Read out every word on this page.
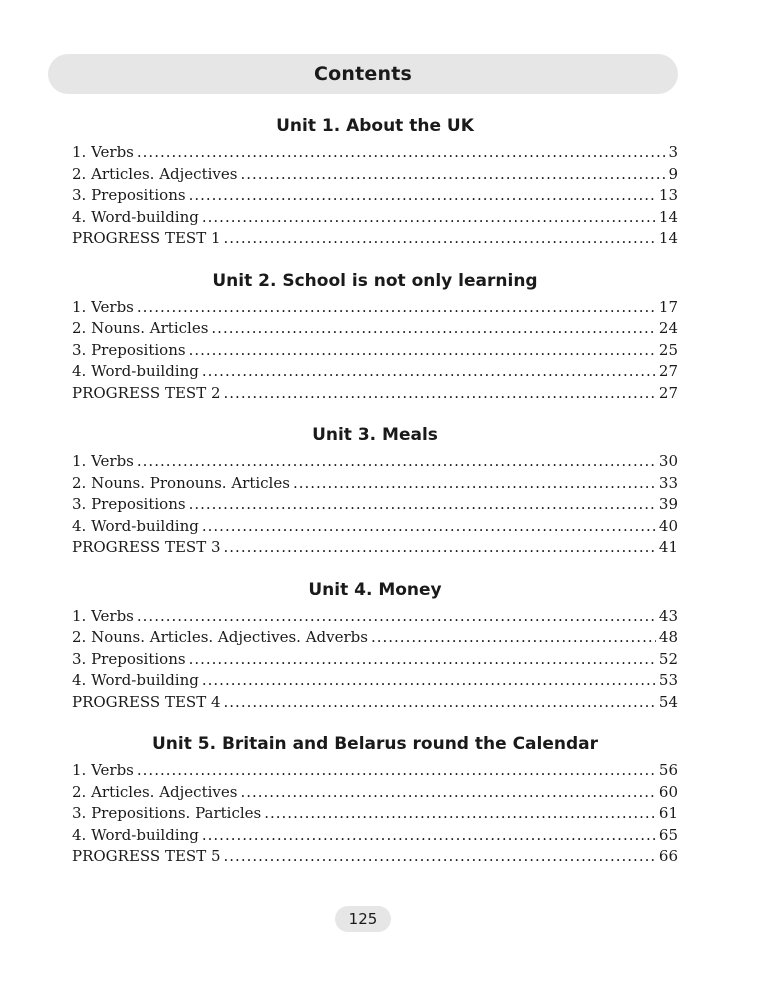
Contents
Unit 1. About the UK
1. Verbs .....	3
2. Articles. Adjectives .....	9
3. Prepositions .....	13
4. Word-building .....	14
PROGRESS TEST 1 .....	14
Unit 2. School is not only learning
1. Verbs .....	17
2. Nouns. Articles .....	24
3. Prepositions .....	25
4. Word-building .....	27
PROGRESS TEST 2 .....	27
Unit 3. Meals
1. Verbs .....	30
2. Nouns. Pronouns. Articles .....	33
3. Prepositions .....	39
4. Word-building .....	40
PROGRESS TEST 3 .....	41
Unit 4. Money
1. Verbs .....	43
2. Nouns. Articles. Adjectives. Adverbs .....	48
3. Prepositions .....	52
4. Word-building .....	53
PROGRESS TEST 4 .....	54
Unit 5. Britain and Belarus round the Calendar
1. Verbs .....	56
2. Articles. Adjectives .....	60
3. Prepositions. Particles .....	61
4. Word-building .....	65
PROGRESS TEST 5 .....	66
125
